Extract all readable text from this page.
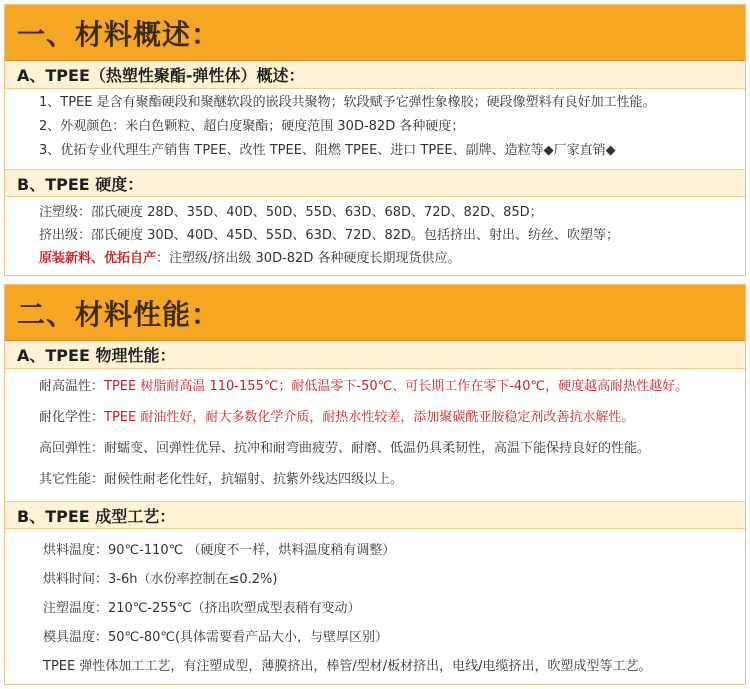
一、材料概述：
A、TPEE（热塑性聚酯-弹性体）概述：
1、TPEE 是含有聚酯硬段和聚醚软段的嵌段共聚物；软段赋予它弹性象橡胶；硬段像塑料有良好加工性能。
2、外观颜色：米白色颗粒、超白度聚酯；硬度范围 30D-82D 各种硬度；
3、优拓专业代理生产销售 TPEE、改性 TPEE、阻燃 TPEE、进口 TPEE、副牌、造粒等◆厂家直销◆
B、TPEE 硬度：
注塑级：邵氏硬度 28D、35D、40D、50D、55D、63D、68D、72D、82D、85D；
挤出级：邵氏硬度 30D、40D、45D、55D、63D、72D、82D。包括挤出、射出、纺丝、吹塑等；
原装新料、优拓自产：注塑级/挤出级 30D-82D 各种硬度长期现货供应。
二、材料性能：
A、TPEE 物理性能：
耐高温性：TPEE 树脂耐高温 110-155℃；耐低温零下-50℃、可长期工作在零下-40℃，硬度越高耐热性越好。
耐化学性：TPEE 耐油性好，耐大多数化学介质，耐热水性较差，添加聚碳酰亚胺稳定剂改善抗水解性。
高回弹性：耐蠕变、回弹性优异、抗冲和耐弯曲疲劳、耐磨、低温仍具柔韧性，高温下能保持良好的性能。
其它性能：耐候性耐老化性好，抗辐射、抗紫外线达四级以上。
B、TPEE 成型工艺：
烘料温度：90℃-110℃ （硬度不一样，烘料温度稍有调整）
烘料时间：3-6h（水份率控制在≤0.2%)
注塑温度：210℃-255℃（挤出吹塑成型表稍有变动）
模具温度：50℃-80℃(具体需要看产品大小，与壁厚区别）
TPEE 弹性体加工工艺，有注塑成型，薄膜挤出，棒管/型材/板材挤出，电线/电缆挤出，吹塑成型等工艺。
